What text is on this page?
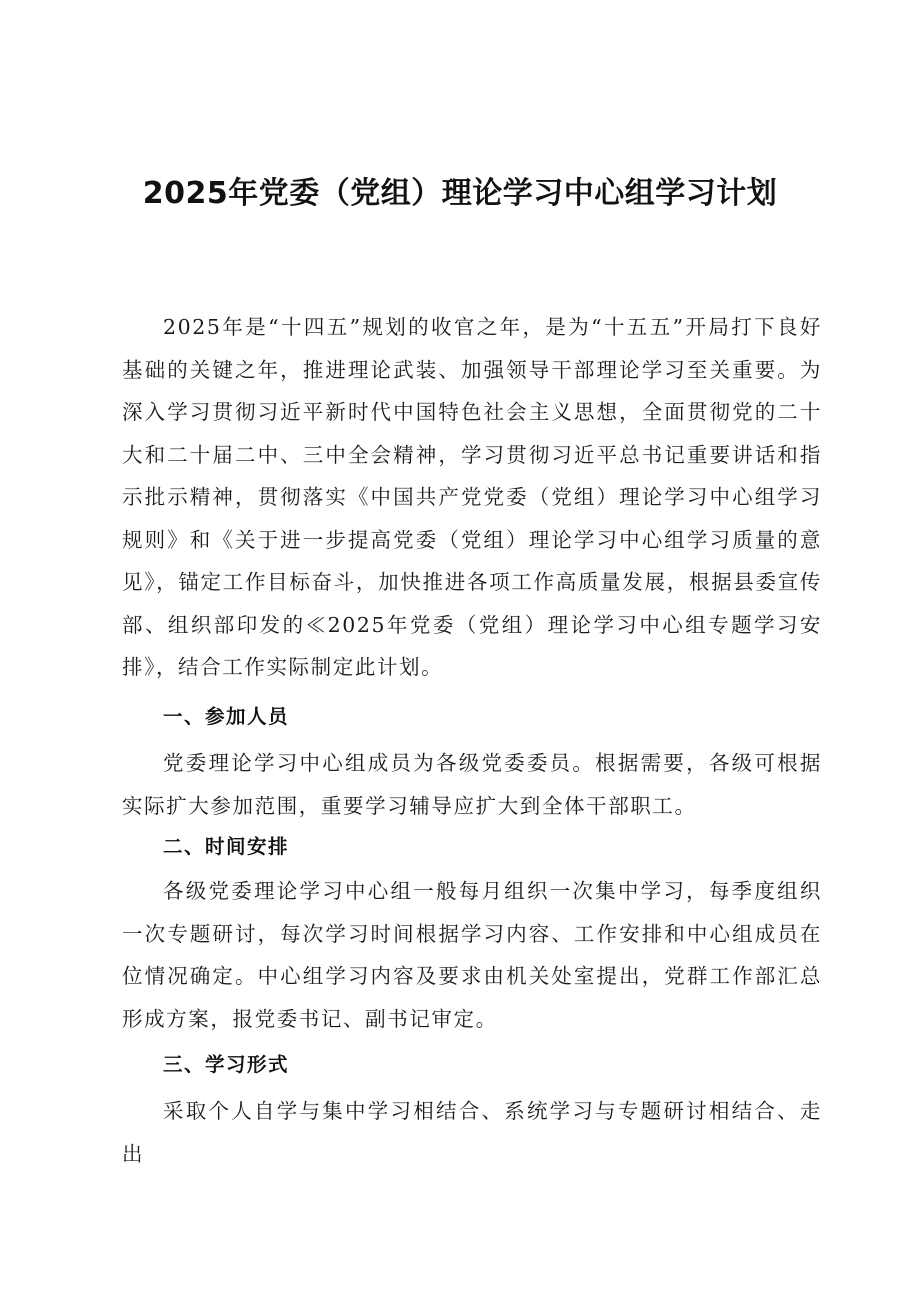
2025年党委（党组）理论学习中心组学习计划

2025年是“十四五”规划的收官之年，是为“十五五”开局打下良好基础的关键之年，推进理论武装、加强领导干部理论学习至关重要。为深入学习贯彻习近平新时代中国特色社会主义思想，全面贯彻党的二十大和二十届二中、三中全会精神，学习贯彻习近平总书记重要讲话和指示批示精神，贯彻落实《中国共产党党委（党组）理论学习中心组学习规则》和《关于进一步提高党委（党组）理论学习中心组学习质量的意见》，锚定工作目标奋斗，加快推进各项工作高质量发展，根据县委宣传部、组织部印发的≪2025年党委（党组）理论学习中心组专题学习安排》，结合工作实际制定此计划。

一、参加人员

党委理论学习中心组成员为各级党委委员。根据需要，各级可根据实际扩大参加范围，重要学习辅导应扩大到全体干部职工。

二、时间安排

各级党委理论学习中心组一般每月组织一次集中学习，每季度组织一次专题研讨，每次学习时间根据学习内容、工作安排和中心组成员在位情况确定。中心组学习内容及要求由机关处室提出，党群工作部汇总形成方案，报党委书记、副书记审定。

三、学习形式

采取个人自学与集中学习相结合、系统学习与专题研讨相结合、走出
